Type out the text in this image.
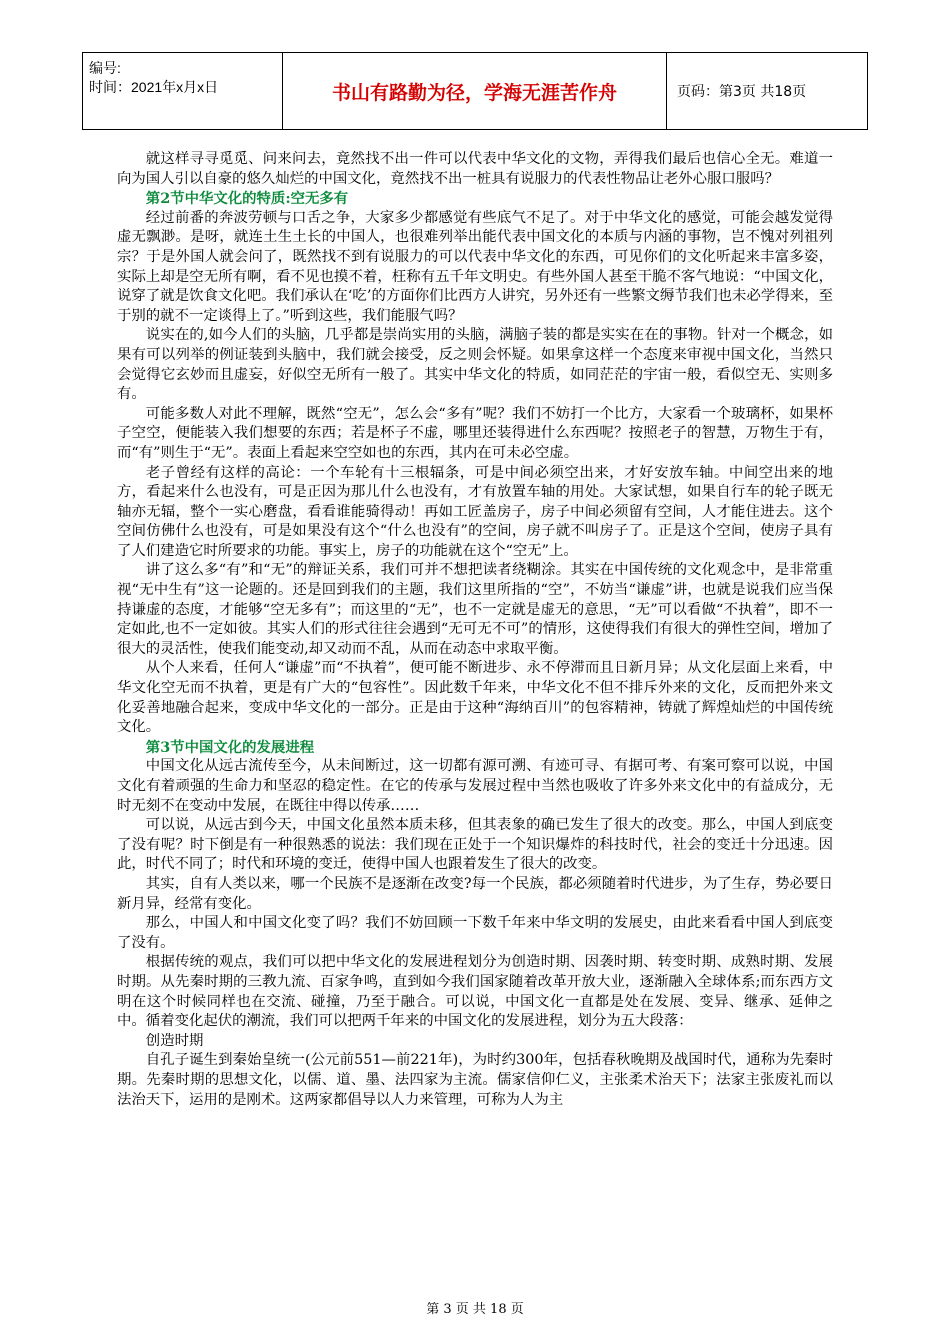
编号:
时间：2021年x月x日	书山有路勤为径，学海无涯苦作舟	页码：第3页 共18页

就这样寻寻觅觅、问来问去，竟然找不出一件可以代表中华文化的文物，弄得我们最后也信心全无。难道一向为国人引以自豪的悠久灿烂的中国文化，竟然找不出一桩具有说服力的代表性物品让老外心服口服吗？

第2节中华文化的特质:空无多有

经过前番的奔波劳顿与口舌之争，大家多少都感觉有些底气不足了。对于中华文化的感觉，可能会越发觉得虚无飘渺。是呀，就连土生土长的中国人，也很难列举出能代表中国文化的本质与内涵的事物，岂不愧对列祖列宗？于是外国人就会问了，既然找不到有说服力的可以代表中华文化的东西，可见你们的文化听起来丰富多姿，实际上却是空无所有啊，看不见也摸不着，枉称有五千年文明史。有些外国人甚至干脆不客气地说：“中国文化，说穿了就是饮食文化吧。我们承认在‘吃’的方面你们比西方人讲究，另外还有一些繁文缛节我们也未必学得来，至于别的就不一定谈得上了。”听到这些，我们能服气吗？

说实在的,如今人们的头脑，几乎都是崇尚实用的头脑，满脑子装的都是实实在在的事物。针对一个概念，如果有可以列举的例证装到头脑中，我们就会接受，反之则会怀疑。如果拿这样一个态度来审视中国文化，当然只会觉得它玄妙而且虚妄，好似空无所有一般了。其实中华文化的特质，如同茫茫的宇宙一般，看似空无、实则多有。

可能多数人对此不理解，既然“空无”，怎么会“多有”呢？我们不妨打一个比方，大家看一个玻璃杯，如果杯子空空，便能装入我们想要的东西；若是杯子不虚，哪里还装得进什么东西呢？按照老子的智慧，万物生于有，而“有”则生于“无”。表面上看起来空空如也的东西，其内在可未必空虚。

老子曾经有这样的高论：一个车轮有十三根辐条，可是中间必须空出来，才好安放车轴。中间空出来的地方，看起来什么也没有，可是正因为那儿什么也没有，才有放置车轴的用处。大家试想，如果自行车的轮子既无轴亦无辐，整个一实心磨盘，看看谁能骑得动！再如工匠盖房子，房子中间必须留有空间，人才能住进去。这个空间仿佛什么也没有，可是如果没有这个“什么也没有”的空间，房子就不叫房子了。正是这个空间，使房子具有了人们建造它时所要求的功能。事实上，房子的功能就在这个“空无”上。

讲了这么多“有”和“无”的辩证关系，我们可并不想把读者绕糊涂。其实在中国传统的文化观念中，是非常重视“无中生有”这一论题的。还是回到我们的主题，我们这里所指的“空”，不妨当“谦虚”讲，也就是说我们应当保持谦虚的态度，才能够“空无多有”；而这里的“无”，也不一定就是虚无的意思，“无”可以看做“不执着”，即不一定如此,也不一定如彼。其实人们的形式往往会遇到“无可无不可”的情形，这使得我们有很大的弹性空间，增加了很大的灵活性，使我们能变动,却又动而不乱，从而在动态中求取平衡。

从个人来看，任何人“谦虚”而“不执着”，便可能不断进步、永不停滞而且日新月异；从文化层面上来看，中华文化空无而不执着，更是有广大的“包容性”。因此数千年来，中华文化不但不排斥外来的文化，反而把外来文化妥善地融合起来，变成中华文化的一部分。正是由于这种“海纳百川”的包容精神，铸就了辉煌灿烂的中国传统文化。

第3节中国文化的发展进程

中国文化从远古流传至今，从未间断过，这一切都有源可溯、有迹可寻、有据可考、有案可察可以说，中国文化有着顽强的生命力和坚忍的稳定性。在它的传承与发展过程中当然也吸收了许多外来文化中的有益成分，无时无刻不在变动中发展，在既往中得以传承……

可以说，从远古到今天，中国文化虽然本质未移，但其表象的确已发生了很大的改变。那么，中国人到底变了没有呢？时下倒是有一种很熟悉的说法：我们现在正处于一个知识爆炸的科技时代，社会的变迁十分迅速。因此，时代不同了；时代和环境的变迁，使得中国人也跟着发生了很大的改变。

其实，自有人类以来，哪一个民族不是逐渐在改变?每一个民族，都必须随着时代进步，为了生存，势必要日新月异，经常有变化。

那么，中国人和中国文化变了吗？我们不妨回顾一下数千年来中华文明的发展史，由此来看看中国人到底变了没有。

根据传统的观点，我们可以把中华文化的发展进程划分为创造时期、因袭时期、转变时期、成熟时期、发展时期。从先秦时期的三教九流、百家争鸣，直到如今我们国家随着改革开放大业，逐渐融入全球体系;而东西方文明在这个时候同样也在交流、碰撞，乃至于融合。可以说，中国文化一直都是处在发展、变异、继承、延伸之中。循着变化起伏的潮流，我们可以把两千年来的中国文化的发展进程，划分为五大段落：

创造时期

自孔子诞生到秦始皇统一(公元前551—前221年)，为时约300年，包括春秋晚期及战国时代，通称为先秦时期。先秦时期的思想文化，以儒、道、墨、法四家为主流。儒家信仰仁义，主张柔术治天下；法家主张废礼而以法治天下，运用的是刚术。这两家都倡导以人力来管理，可称为人为主

第 3 页 共 18 页
